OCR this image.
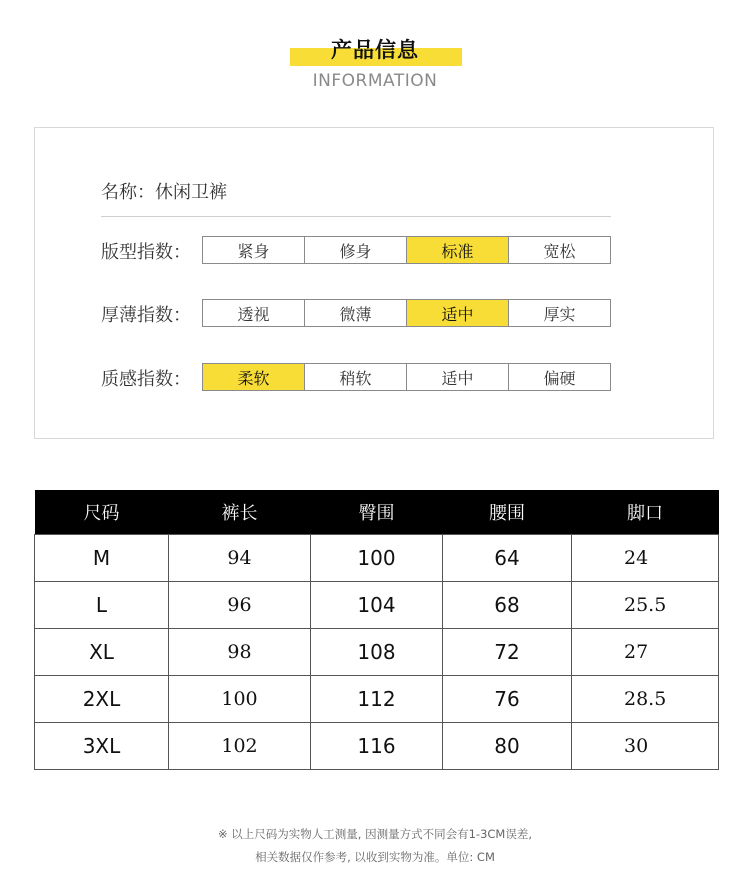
产品信息
INFORMATION
名称：休闲卫裤
版型指数：	紧身	修身	标准	宽松
厚薄指数：	透视	微薄	适中	厚实
质感指数：	柔软	稍软	适中	偏硬
尺码	裤长	臀围	腰围	脚口
M	94	100	64	24
L	96	104	68	25.5
XL	98	108	72	27
2XL	100	112	76	28.5
3XL	102	116	80	30
※ 以上尺码为实物人工测量, 因测量方式不同会有1-3CM误差,
相关数据仅作参考, 以收到实物为准。单位: CM
